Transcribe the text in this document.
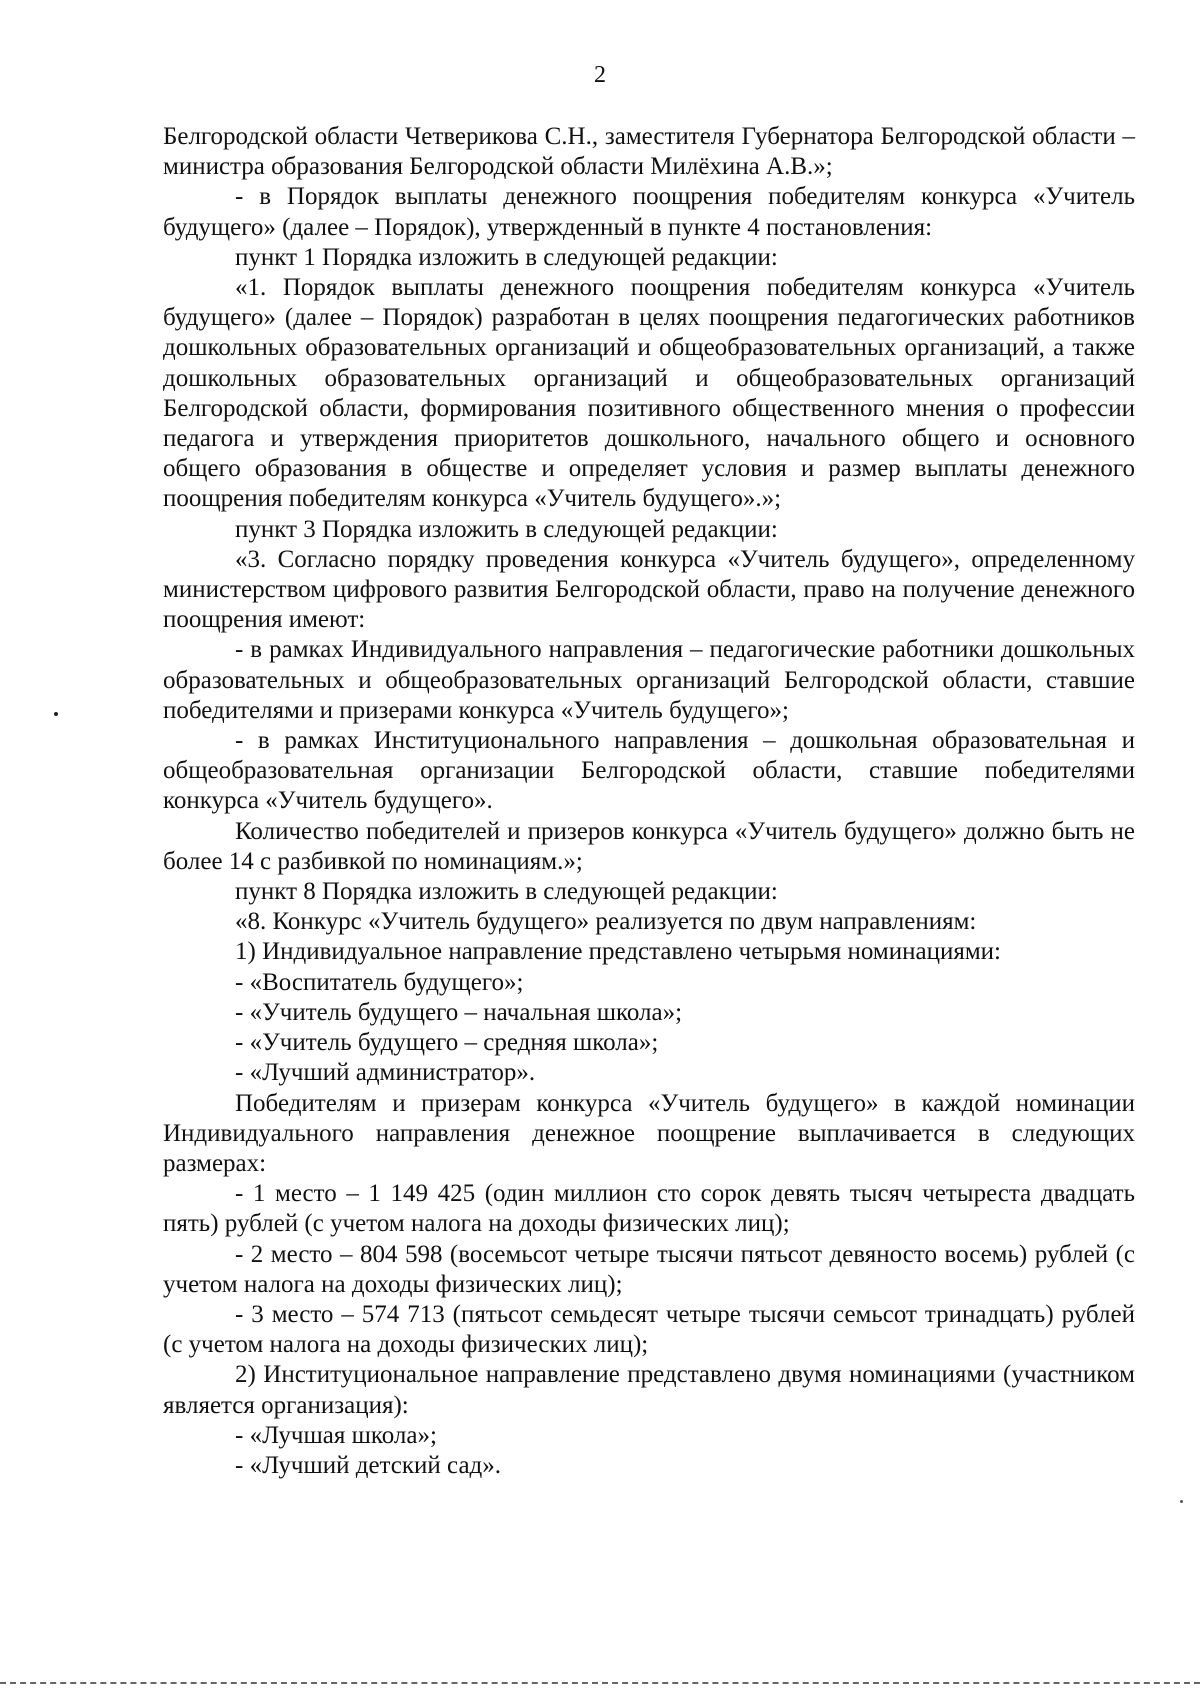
2

Белгородской области Четверикова С.Н., заместителя Губернатора Белгородской области – министра образования Белгородской области Милёхина А.В.»;

- в Порядок выплаты денежного поощрения победителям конкурса «Учитель будущего» (далее – Порядок), утвержденный в пункте 4 постановления:

пункт 1 Порядка изложить в следующей редакции:

«1. Порядок выплаты денежного поощрения победителям конкурса «Учитель будущего» (далее – Порядок) разработан в целях поощрения педагогических работников дошкольных образовательных организаций и общеобразовательных организаций, а также дошкольных образовательных организаций и общеобразовательных организаций Белгородской области, формирования позитивного общественного мнения о профессии педагога и утверждения приоритетов дошкольного, начального общего и основного общего образования в обществе и определяет условия и размер выплаты денежного поощрения победителям конкурса «Учитель будущего».»;

пункт 3 Порядка изложить в следующей редакции:

«3. Согласно порядку проведения конкурса «Учитель будущего», определенному министерством цифрового развития Белгородской области, право на получение денежного поощрения имеют:

- в рамках Индивидуального направления – педагогические работники дошкольных образовательных и общеобразовательных организаций Белгородской области, ставшие победителями и призерами конкурса «Учитель будущего»;

- в рамках Институционального направления – дошкольная образовательная и общеобразовательная организации Белгородской области, ставшие победителями конкурса «Учитель будущего».

Количество победителей и призеров конкурса «Учитель будущего» должно быть не более 14 с разбивкой по номинациям.»;

пункт 8 Порядка изложить в следующей редакции:

«8. Конкурс «Учитель будущего» реализуется по двум направлениям:

1) Индивидуальное направление представлено четырьмя номинациями:

- «Воспитатель будущего»;

- «Учитель будущего – начальная школа»;

- «Учитель будущего – средняя школа»;

- «Лучший администратор».

Победителям и призерам конкурса «Учитель будущего» в каждой номинации Индивидуального направления денежное поощрение выплачивается в следующих размерах:

- 1 место – 1 149 425 (один миллион сто сорок девять тысяч четыреста двадцать пять) рублей (с учетом налога на доходы физических лиц);

- 2 место – 804 598 (восемьсот четыре тысячи пятьсот девяносто восемь) рублей (с учетом налога на доходы физических лиц);

- 3 место – 574 713 (пятьсот семьдесят четыре тысячи семьсот тринадцать) рублей (с учетом налога на доходы физических лиц);

2) Институциональное направление представлено двумя номинациями (участником является организация):

- «Лучшая школа»;

- «Лучший детский сад».
